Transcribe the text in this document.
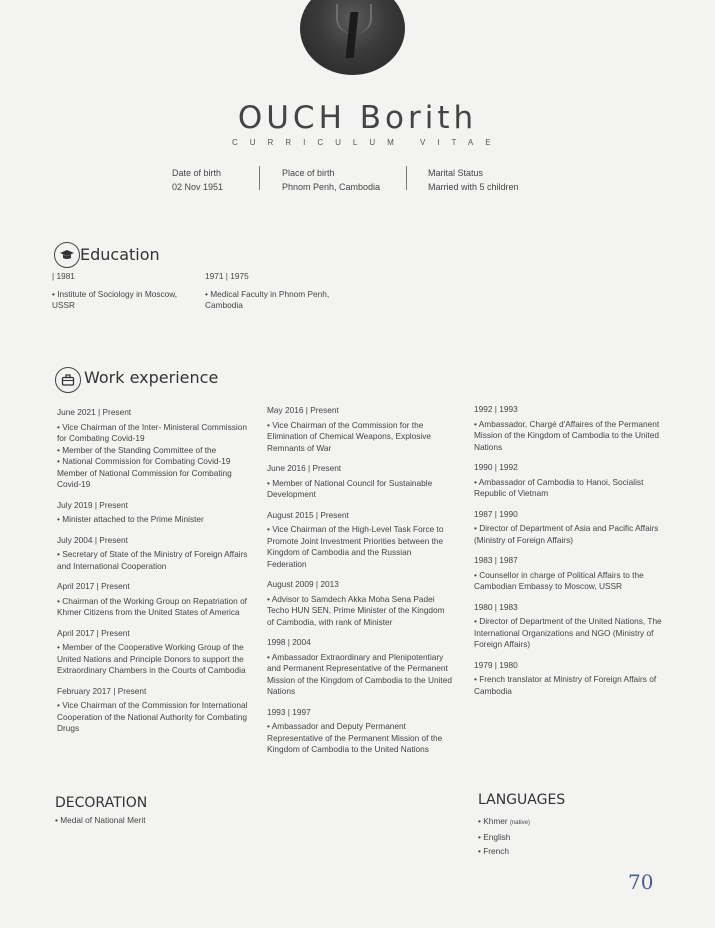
OUCH Borith
CURRICULUM VITAE
Date of birth
02 Nov 1951
Place of birth
Phnom Penh, Cambodia
Marital Status
Married with 5 children
Education
| 1981
• Institute of Sociology in Moscow, USSR
1971 | 1975
• Medical Faculty in Phnom Penh, Cambodia
Work experience
June 2021 | Present
• Vice Chairman of the Inter- Ministeral Commission for Combating Covid-19
• Member of the Standing Committee of the
• National Commission for Combating Covid-19 Member of National Commission for Combating Covid-19
July 2019 | Present
• Minister attached to the Prime Minister
July 2004 | Present
• Secretary of State of the Ministry of Foreign Affairs and International Cooperation
April 2017 | Present
• Chairman of the Working Group on Repatriation of Khmer Citizens from the United States of America
April 2017 | Present
• Member of the Cooperative Working Group of the United Nations and Principle Donors to support the Extraordinary Chambers in the Courts of Cambodia
February 2017 | Present
• Vice Chairman of the Commission for International Cooperation of the National Authority for Combating Drugs
May 2016 | Present
• Vice Chairman of the Commission for the Elimination of Chemical Weapons, Explosive Remnants of War
June 2016 | Present
• Member of National Council for Sustainable Development
August 2015 | Present
• Vice Chairman of the High-Level Task Force to Promote Joint Investment Priorities between the Kingdom of Cambodia and the Russian Federation
August 2009 | 2013
• Advisor to Samdech Akka Moha Sena Padei Techo HUN SEN, Prime Minister of the Kingdom of Cambodia, with rank of Minister
1998 | 2004
• Ambassador Extraordinary and Plenipotentiary and Permanent Representative of the Permanent Mission of the Kingdom of Cambodia to the United Nations
1993 | 1997
• Ambassador and Deputy Permanent Representative of the Permanent Mission of the Kingdom of Cambodia to the United Nations
1992 | 1993
• Ambassador, Chargé d'Affaires of the Permanent Mission of the Kingdom of Cambodia to the United Nations
1990 | 1992
• Ambassador of Cambodia to Hanoi, Socialist Republic of Vietnam
1987 | 1990
• Director of Department of Asia and Pacific Affairs (Ministry of Foreign Affairs)
1983 | 1987
• Counsellor in charge of Political Affairs to the Cambodian Embassy to Moscow, USSR
1980 | 1983
• Director of Department of the United Nations, The International Organizations and NGO (Ministry of Foreign Affairs)
1979 | 1980
• French translator at Ministry of Foreign Affairs of Cambodia
DECORATION
• Medal of National Merit
LANGUAGES
• Khmer (native)
• English
• French
70
